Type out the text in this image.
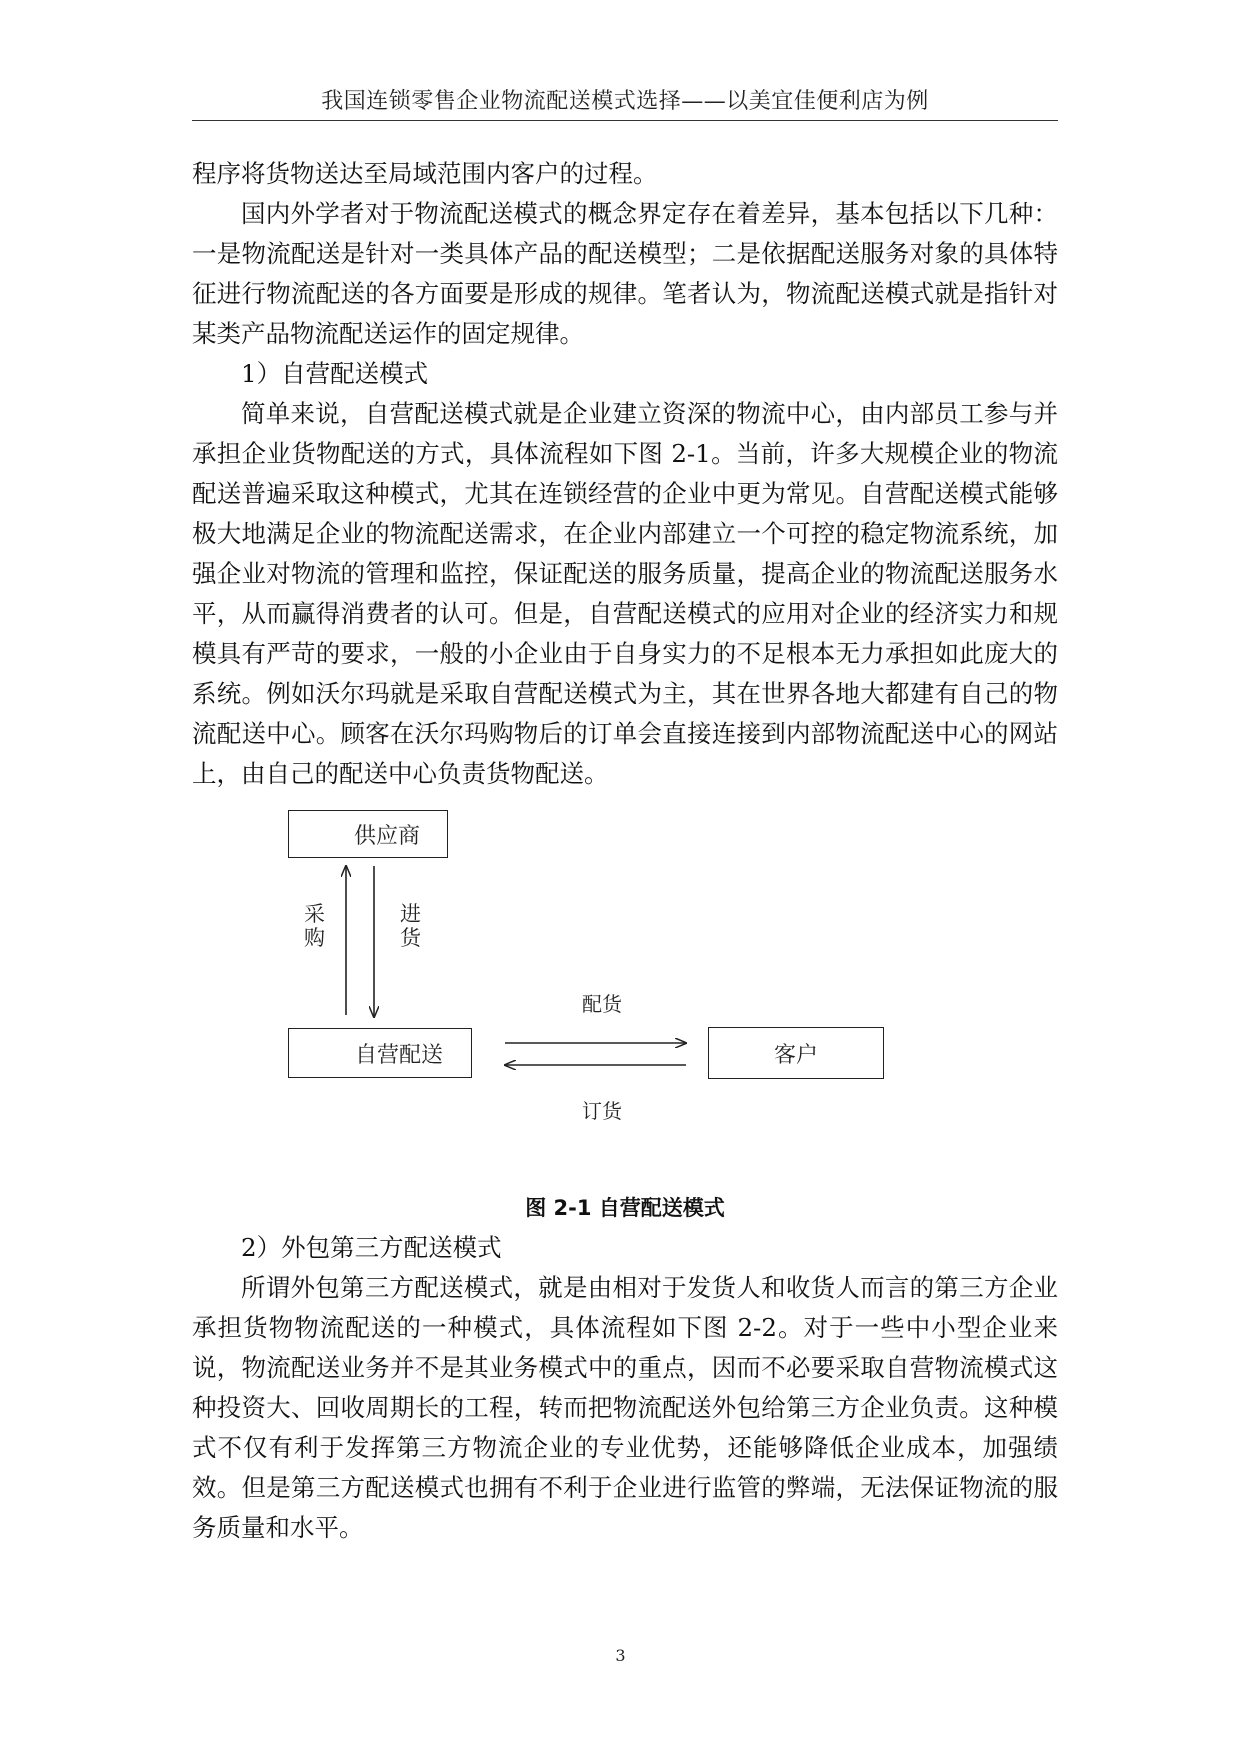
我国连锁零售企业物流配送模式选择——以美宜佳便利店为例

程序将货物送达至局域范围内客户的过程。

国内外学者对于物流配送模式的概念界定存在着差异，基本包括以下几种：一是物流配送是针对一类具体产品的配送模型；二是依据配送服务对象的具体特征进行物流配送的各方面要是形成的规律。笔者认为，物流配送模式就是指针对某类产品物流配送运作的固定规律。

1）自营配送模式

简单来说，自营配送模式就是企业建立资深的物流中心，由内部员工参与并承担企业货物配送的方式，具体流程如下图 2-1。当前，许多大规模企业的物流配送普遍采取这种模式，尤其在连锁经营的企业中更为常见。自营配送模式能够极大地满足企业的物流配送需求，在企业内部建立一个可控的稳定物流系统，加强企业对物流的管理和监控，保证配送的服务质量，提高企业的物流配送服务水平，从而赢得消费者的认可。但是，自营配送模式的应用对企业的经济实力和规模具有严苛的要求，一般的小企业由于自身实力的不足根本无力承担如此庞大的系统。例如沃尔玛就是采取自营配送模式为主，其在世界各地大都建有自己的物流配送中心。顾客在沃尔玛购物后的订单会直接连接到内部物流配送中心的网站上，由自己的配送中心负责货物配送。

供应商
自营配送	客户
采购
进货
配货
订货
图 2-1 自营配送模式

2）外包第三方配送模式

所谓外包第三方配送模式，就是由相对于发货人和收货人而言的第三方企业承担货物物流配送的一种模式，具体流程如下图 2-2。对于一些中小型企业来说，物流配送业务并不是其业务模式中的重点，因而不必要采取自营物流模式这种投资大、回收周期长的工程，转而把物流配送外包给第三方企业负责。这种模式不仅有利于发挥第三方物流企业的专业优势，还能够降低企业成本，加强绩效。但是第三方配送模式也拥有不利于企业进行监管的弊端，无法保证物流的服务质量和水平。

3
